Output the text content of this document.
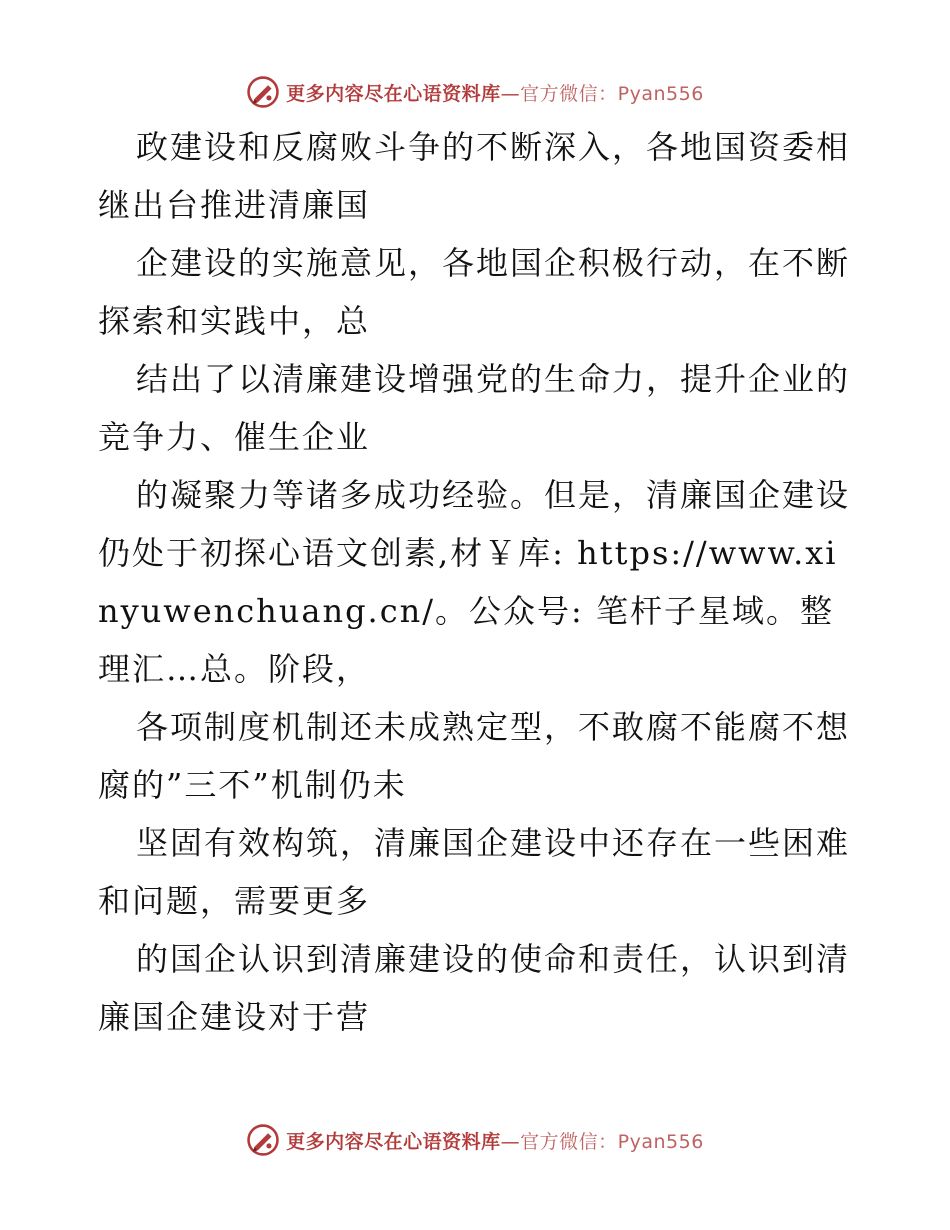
更多内容尽在心语资料库—官方微信：Pyan556

政建设和反腐败斗争的不断深入，各地国资委相继出台推进清廉国

企建设的实施意见，各地国企积极行动，在不断探索和实践中，总

结出了以清廉建设增强党的生命力，提升企业的竞争力、催生企业

的凝聚力等诸多成功经验。但是，清廉国企建设仍处于初探心语文创素,材￥库: https://www.xinyuwenchuang.cn/。公众号: 笔杆子星域。整理汇…总。阶段，

各项制度机制还未成熟定型，不敢腐不能腐不想腐的”三不”机制仍未

坚固有效构筑，清廉国企建设中还存在一些困难和问题，需要更多

的国企认识到清廉建设的使命和责任，认识到清廉国企建设对于营

更多内容尽在心语资料库—官方微信：Pyan556
